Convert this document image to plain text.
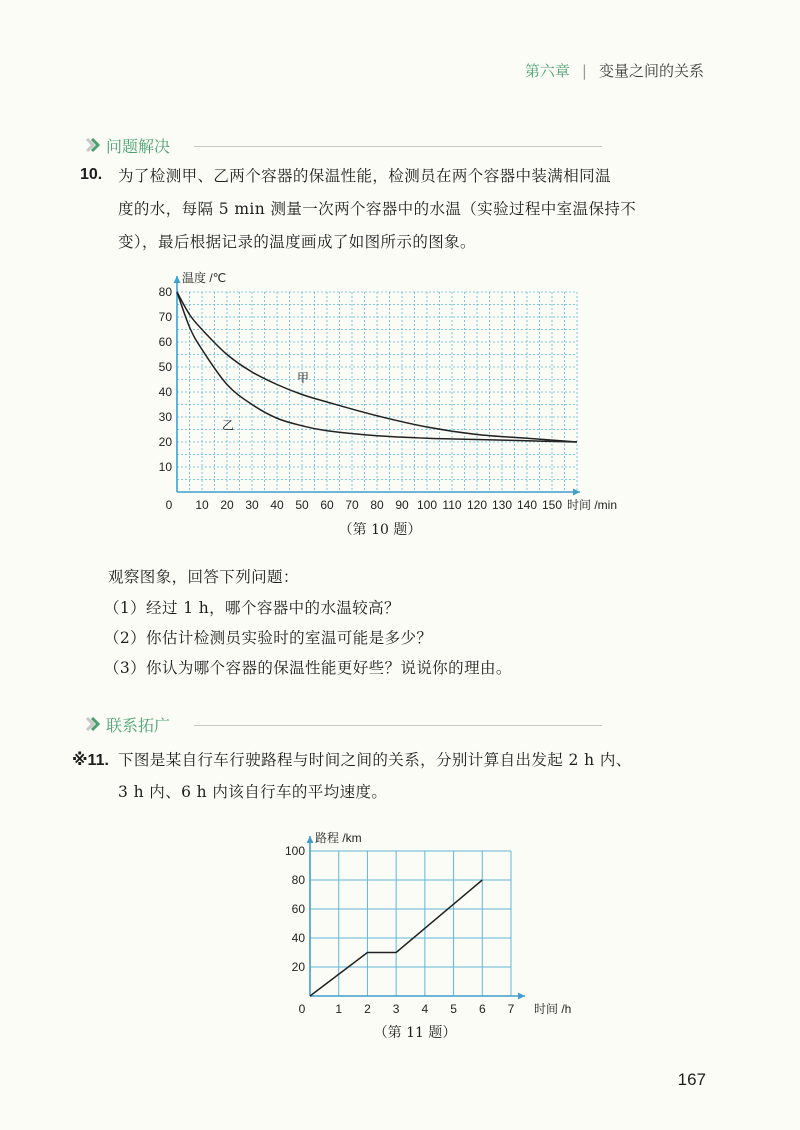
第六章 | 变量之间的关系
问题解决
10. 为了检测甲、乙两个容器的保温性能，检测员在两个容器中装满相同温
度的水，每隔 5 min 测量一次两个容器中的水温（实验过程中室温保持不
变），最后根据记录的温度画成了如图所示的图象。
10 20 30 40 50 60 70 80 90 100 110 120 130 140 150
10
20
30
40
50
60
70
80
0
温度 /℃
时间 /min
甲
乙
（第 10 题）
观察图象，回答下列问题：
（1）经过 1 h，哪个容器中的水温较高？
（2）你估计检测员实验时的室温可能是多少？
（3）你认为哪个容器的保温性能更好些？说说你的理由。
联系拓广
※11. 下图是某自行车行驶路程与时间之间的关系，分别计算自出发起 2 h 内、
3 h 内、6 h 内该自行车的平均速度。
1 2 3 4 5 6 7
20
40
60
80
100
0
路程 /km
时间 /h
（第 11 题）
167
